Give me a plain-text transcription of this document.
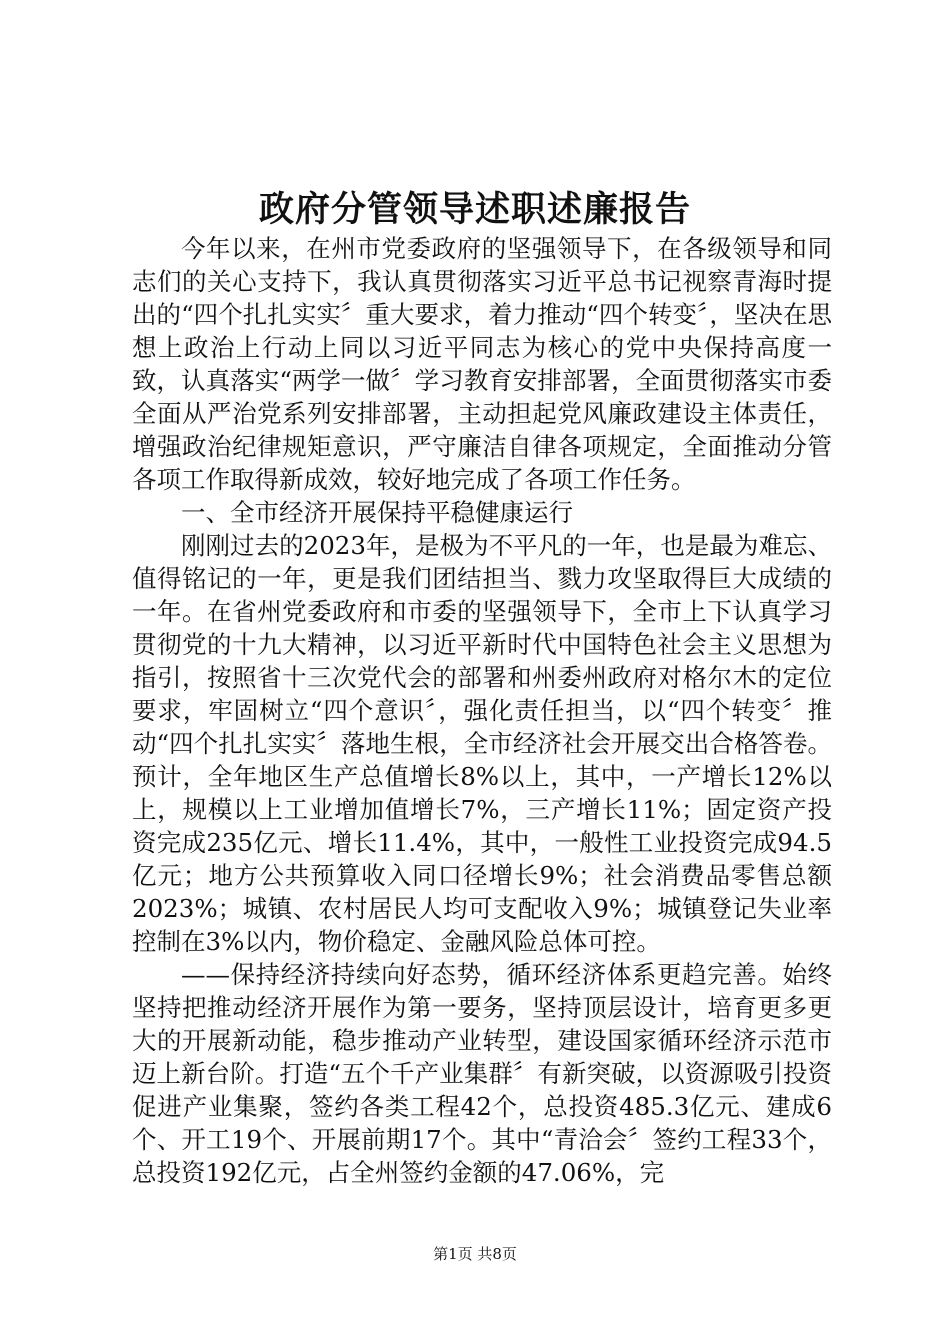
政府分管领导述职述廉报告

今年以来，在州市党委政府的坚强领导下，在各级领导和同志们的关心支持下，我认真贯彻落实习近平总书记视察青海时提出的“四个扎扎实实〞重大要求，着力推动“四个转变〞，坚决在思想上政治上行动上同以习近平同志为核心的党中央保持高度一致，认真落实“两学一做〞学习教育安排部署，全面贯彻落实市委全面从严治党系列安排部署，主动担起党风廉政建设主体责任，增强政治纪律规矩意识，严守廉洁自律各项规定，全面推动分管各项工作取得新成效，较好地完成了各项工作任务。

一、全市经济开展保持平稳健康运行

刚刚过去的2023年，是极为不平凡的一年，也是最为难忘、值得铭记的一年，更是我们团结担当、戮力攻坚取得巨大成绩的一年。在省州党委政府和市委的坚强领导下，全市上下认真学习贯彻党的十九大精神，以习近平新时代中国特色社会主义思想为指引，按照省十三次党代会的部署和州委州政府对格尔木的定位要求，牢固树立“四个意识〞，强化责任担当，以“四个转变〞推动“四个扎扎实实〞落地生根，全市经济社会开展交出合格答卷。预计，全年地区生产总值增长8%以上，其中，一产增长12%以上，规模以上工业增加值增长7%，三产增长11%；固定资产投资完成235亿元、增长11.4%，其中，一般性工业投资完成94.5亿元；地方公共预算收入同口径增长9%；社会消费品零售总额2023%；城镇、农村居民人均可支配收入9%；城镇登记失业率控制在3%以内，物价稳定、金融风险总体可控。

——保持经济持续向好态势，循环经济体系更趋完善。始终坚持把推动经济开展作为第一要务，坚持顶层设计，培育更多更大的开展新动能，稳步推动产业转型，建设国家循环经济示范市迈上新台阶。打造“五个千产业集群〞有新突破，以资源吸引投资促进产业集聚，签约各类工程42个，总投资485.3亿元、建成6个、开工19个、开展前期17个。其中“青洽会〞签约工程33个，总投资192亿元，占全州签约金额的47.06%，完

第1页 共8页
